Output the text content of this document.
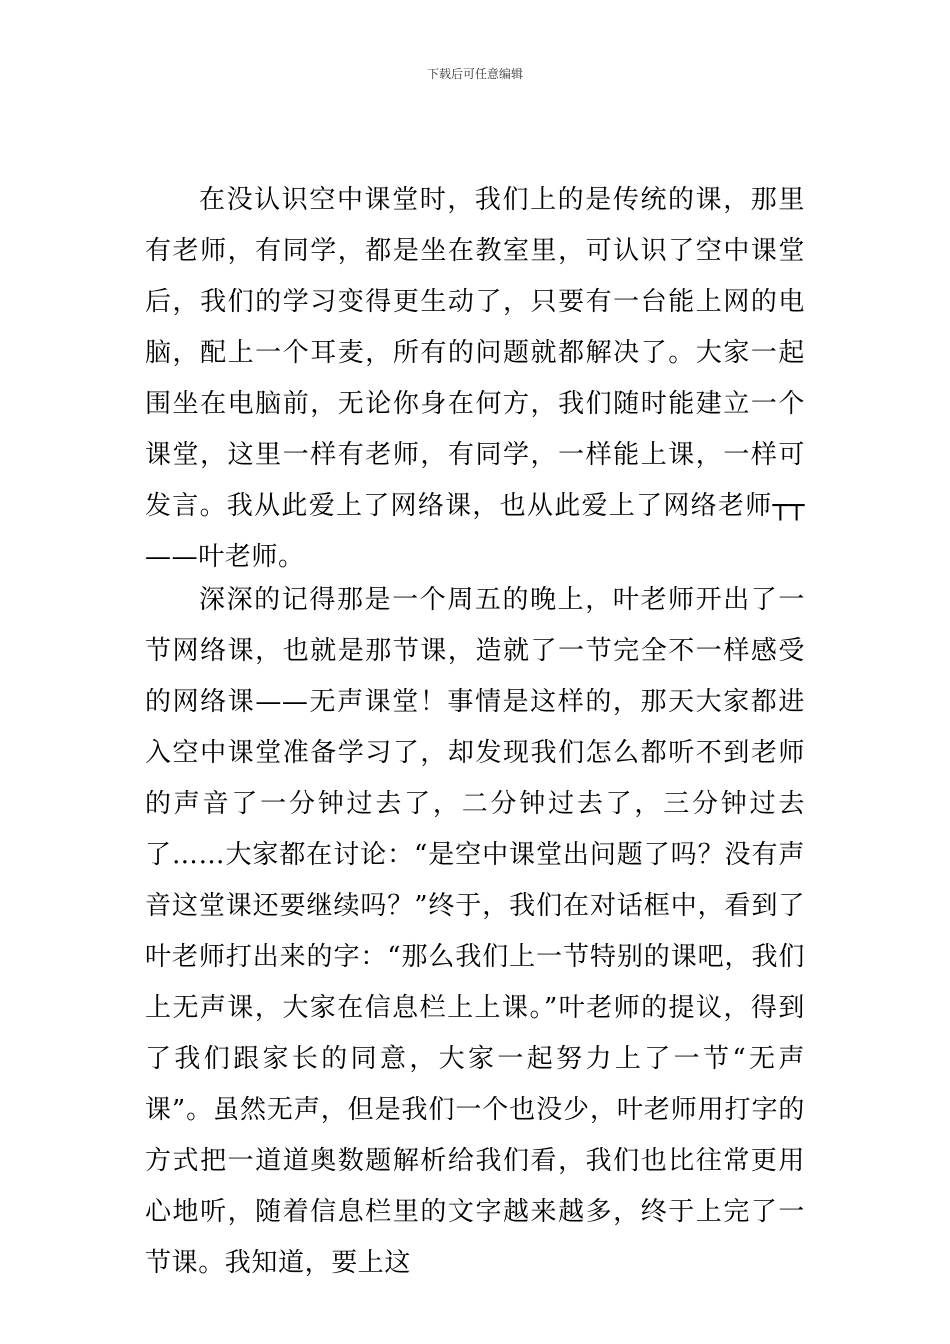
下载后可任意编辑

在没认识空中课堂时，我们上的是传统的课，那里有老师，有同学，都是坐在教室里，可认识了空中课堂后，我们的学习变得更生动了，只要有一台能上网的电脑，配上一个耳麦，所有的问题就都解决了。大家一起围坐在电脑前，无论你身在何方，我们随时能建立一个课堂，这里一样有老师，有同学，一样能上课，一样可发言。我从此爱上了网络课，也从此爱上了网络老师┬┬——叶老师。

深深的记得那是一个周五的晚上，叶老师开出了一节网络课，也就是那节课，造就了一节完全不一样感受的网络课——无声课堂！事情是这样的，那天大家都进入空中课堂准备学习了，却发现我们怎么都听不到老师的声音了一分钟过去了，二分钟过去了，三分钟过去了……大家都在讨论：“是空中课堂出问题了吗？没有声音这堂课还要继续吗？”终于，我们在对话框中，看到了叶老师打出来的字：“那么我们上一节特别的课吧，我们上无声课，大家在信息栏上上课。”叶老师的提议，得到了我们跟家长的同意，大家一起努力上了一节“无声课”。虽然无声，但是我们一个也没少，叶老师用打字的方式把一道道奥数题解析给我们看，我们也比往常更用心地听，随着信息栏里的文字越来越多，终于上完了一节课。我知道，要上这
